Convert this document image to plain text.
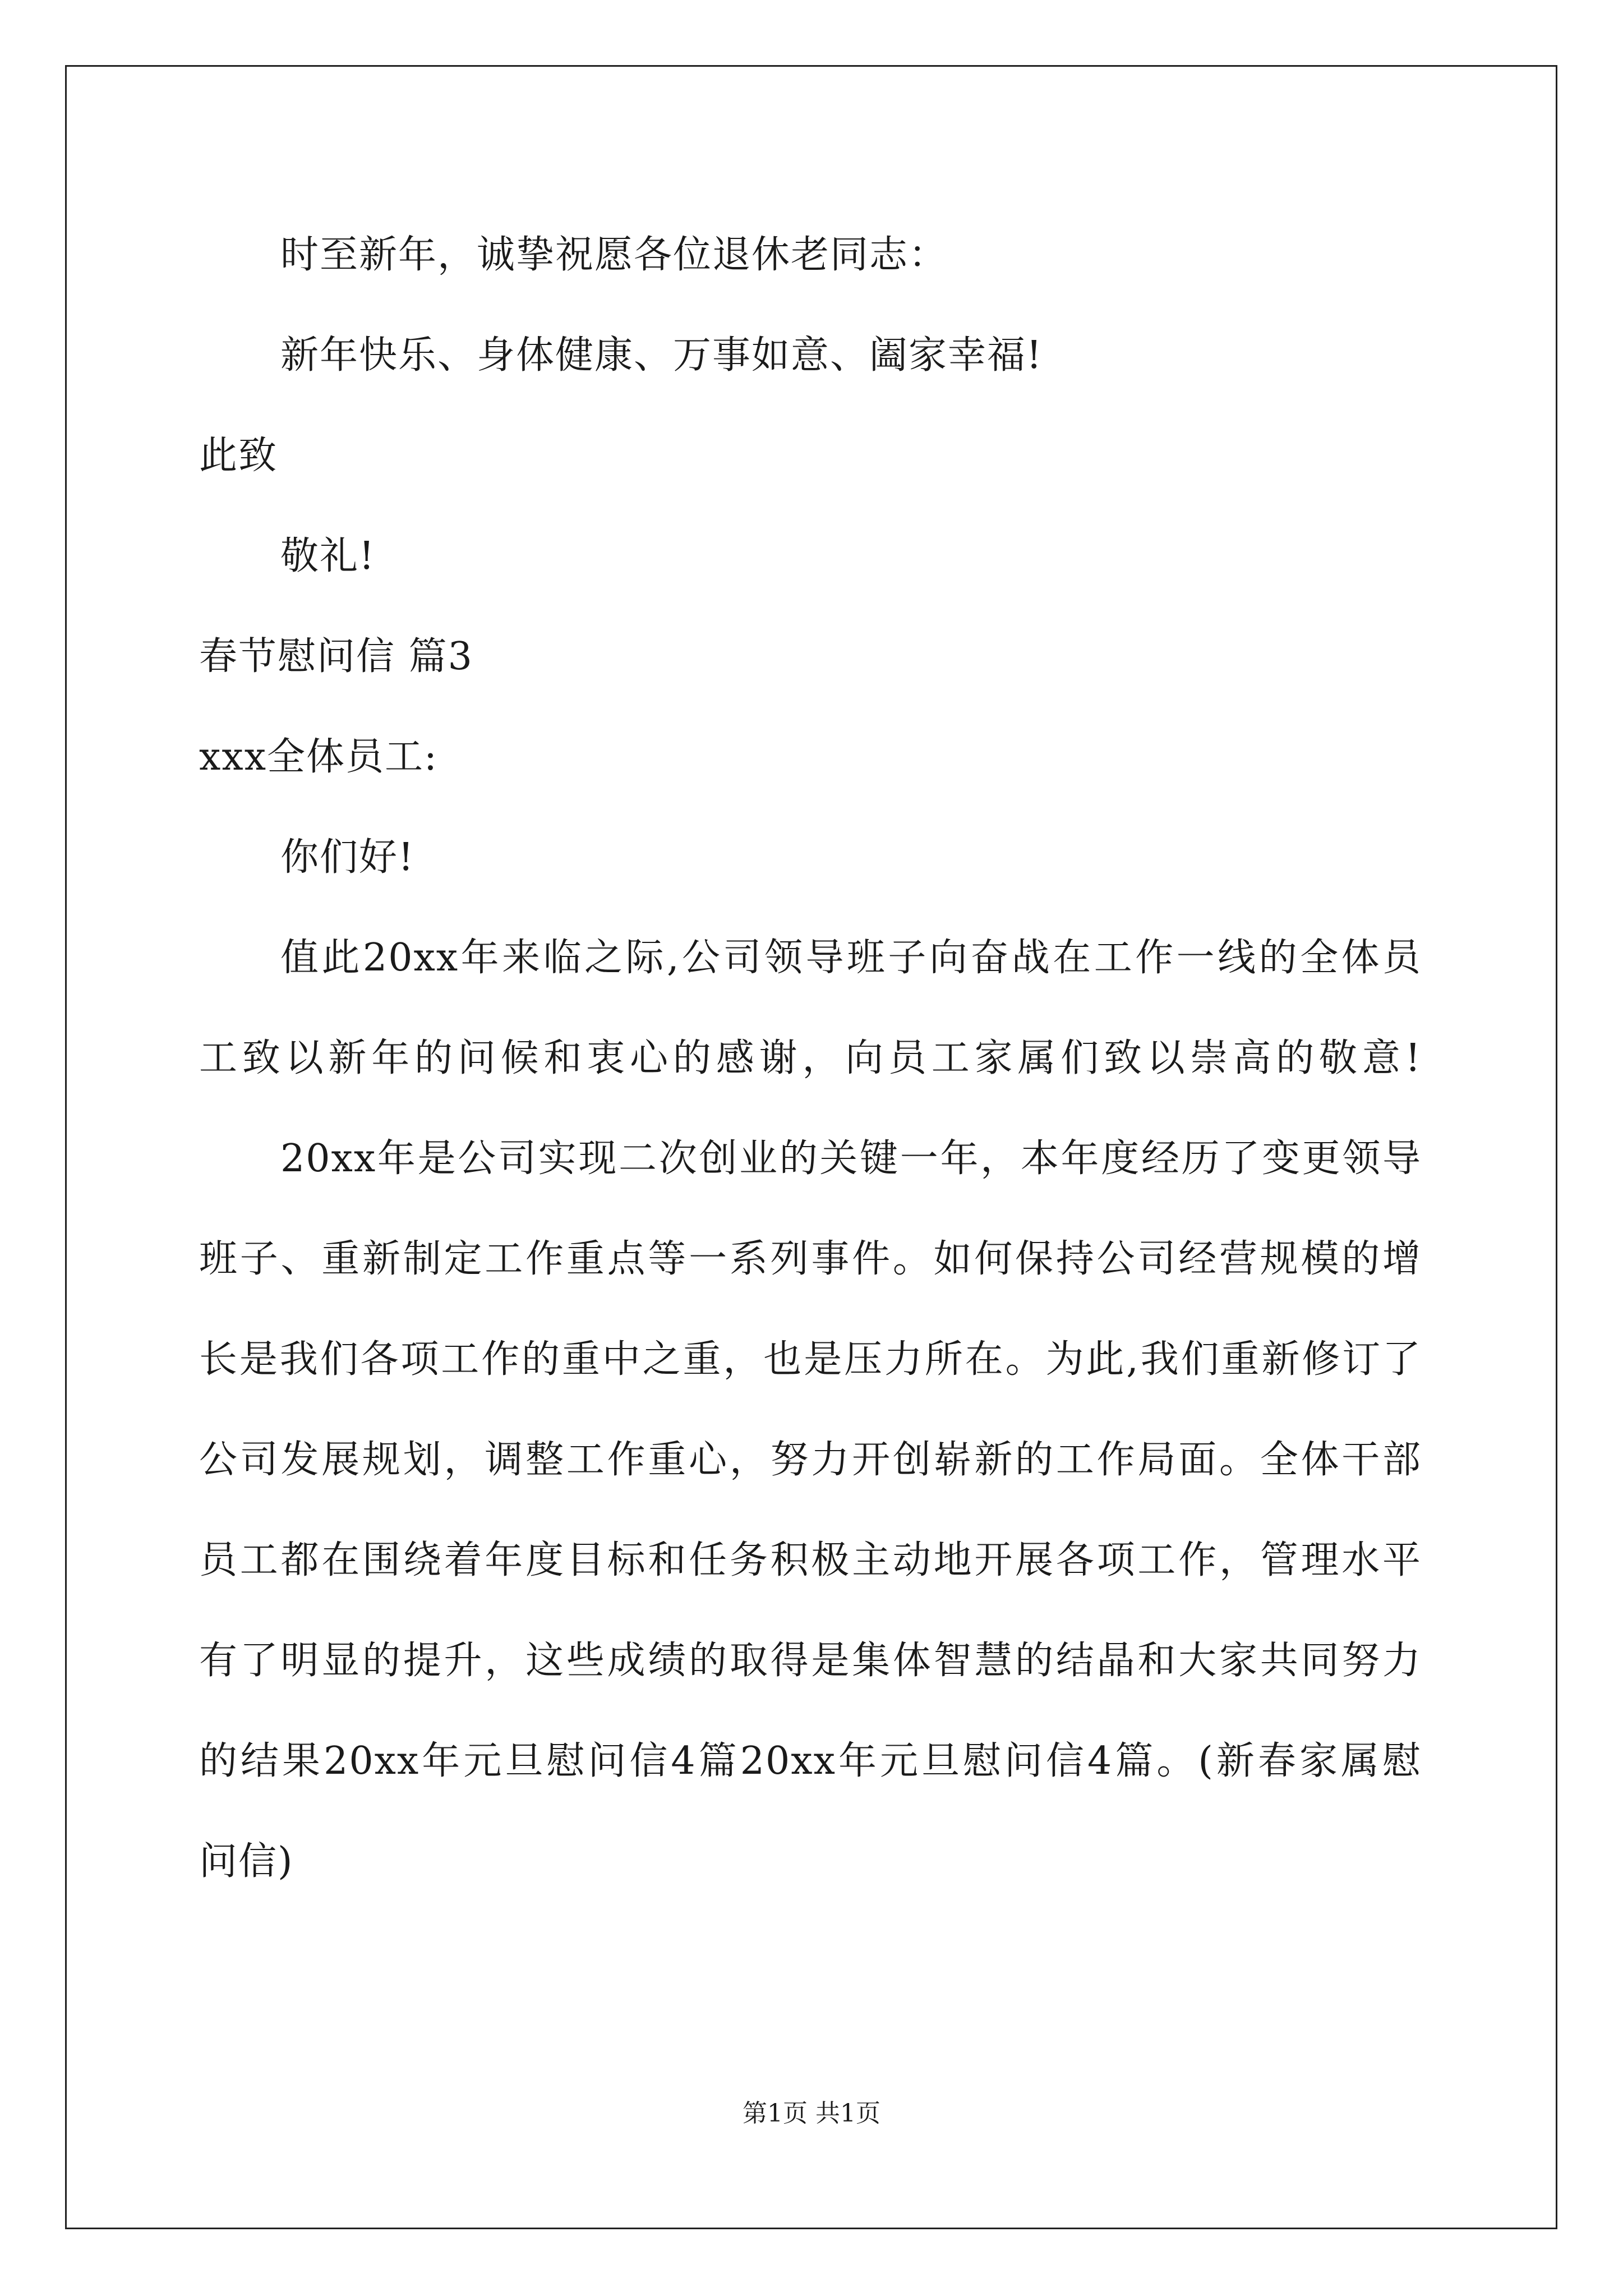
时至新年，诚挚祝愿各位退休老同志：
新年快乐、身体健康、万事如意、阖家幸福!
此致
敬礼!
春节慰问信 篇3
xxx全体员工:
你们好!
值此20xx年来临之际,公司领导班子向奋战在工作一线的全体员
工致以新年的问候和衷心的感谢，向员工家属们致以崇高的敬意!
20xx年是公司实现二次创业的关键一年，本年度经历了变更领导
班子、重新制定工作重点等一系列事件。如何保持公司经营规模的增
长是我们各项工作的重中之重，也是压力所在。为此,我们重新修订了
公司发展规划，调整工作重心，努力开创崭新的工作局面。全体干部
员工都在围绕着年度目标和任务积极主动地开展各项工作，管理水平
有了明显的提升，这些成绩的取得是集体智慧的结晶和大家共同努力
的结果20xx年元旦慰问信4篇20xx年元旦慰问信4篇。(新春家属慰
问信)
第1页 共1页
